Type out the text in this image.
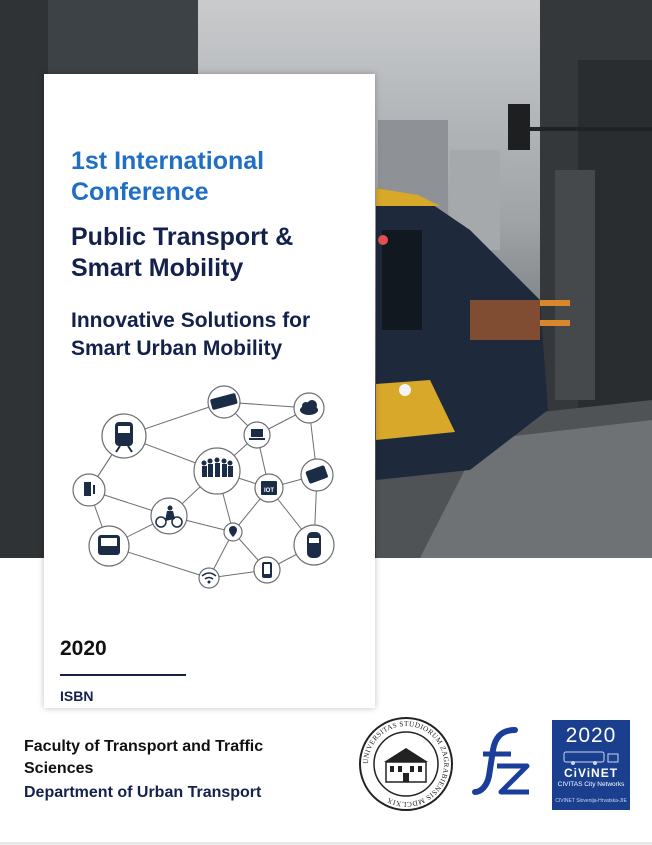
1st International Conference
Public Transport & Smart Mobility
Innovative Solutions for Smart Urban Mobility
IOT
2020
ISBN
Faculty of Transport and Traffic Sciences
Department of Urban Transport
UNIVERSITAS STUDIORUM ZAGRABIENSIS MDCLXIX
2020
CiViNET
CIVITAS City Networks
CIVINET Slovenija-Hrvatska-JIE
